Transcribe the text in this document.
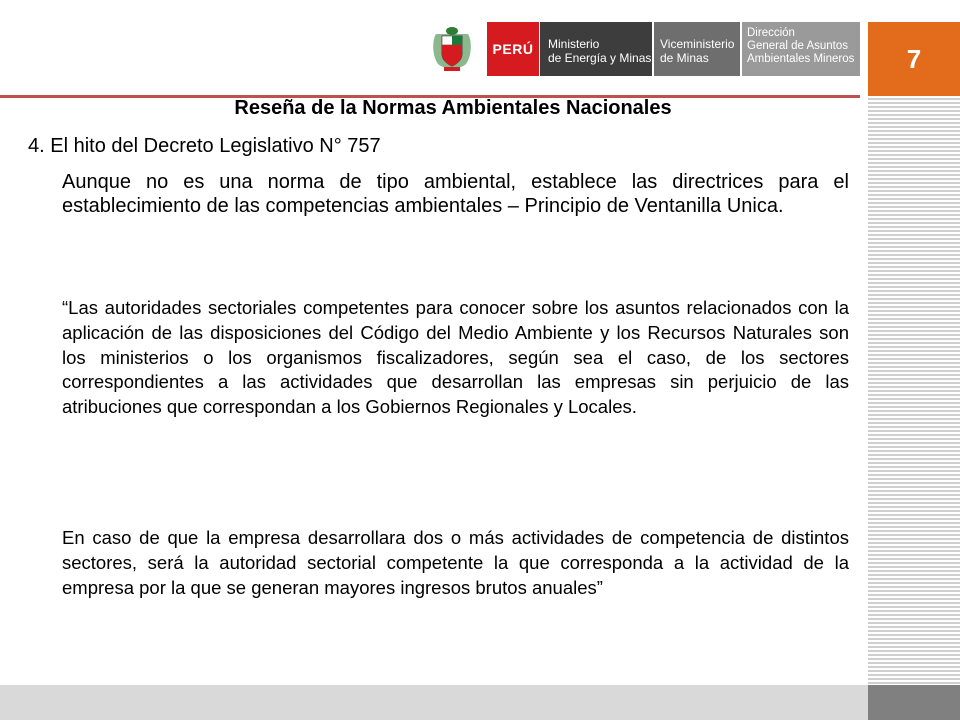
PERÚ Ministerio
de Energía y Minas
Viceministerio
de Minas
Dirección
General de Asuntos
Ambientales Mineros 7
Reseña de la Normas Ambientales Nacionales
4. El hito del Decreto Legislativo N° 757
Aunque no es una norma de tipo ambiental, establece las directrices para el establecimiento de las competencias ambientales – Principio de Ventanilla Unica.
“Las autoridades sectoriales competentes para conocer sobre los asuntos relacionados con la aplicación de las disposiciones del Código del Medio Ambiente y los Recursos Naturales son los ministerios o los organismos fiscalizadores, según sea el caso, de los sectores correspondientes a las actividades que desarrollan las empresas sin perjuicio de las atribuciones que correspondan a los Gobiernos Regionales y Locales.
En caso de que la empresa desarrollara dos o más actividades de competencia de distintos sectores, será la autoridad sectorial competente la que corresponda a la actividad de la empresa por la que se generan mayores ingresos brutos anuales”
